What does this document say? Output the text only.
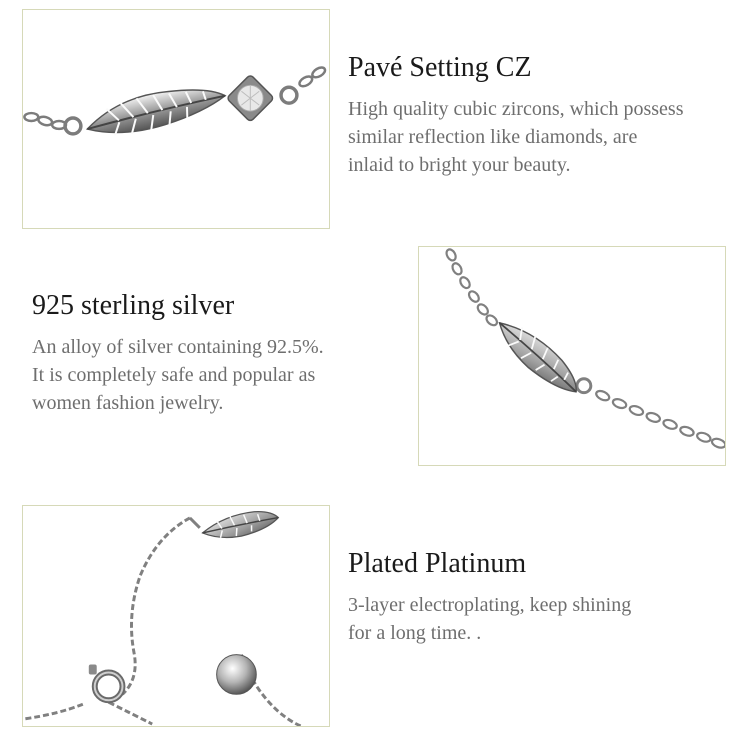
Pavé Setting CZ
High quality cubic zircons, which possess
similar reflection like diamonds, are
inlaid to bright your beauty.
925 sterling silver
An alloy of silver containing 92.5%.
It is completely safe and popular as
women fashion jewelry.
Plated Platinum
3-layer electroplating, keep shining
for a long time. .
